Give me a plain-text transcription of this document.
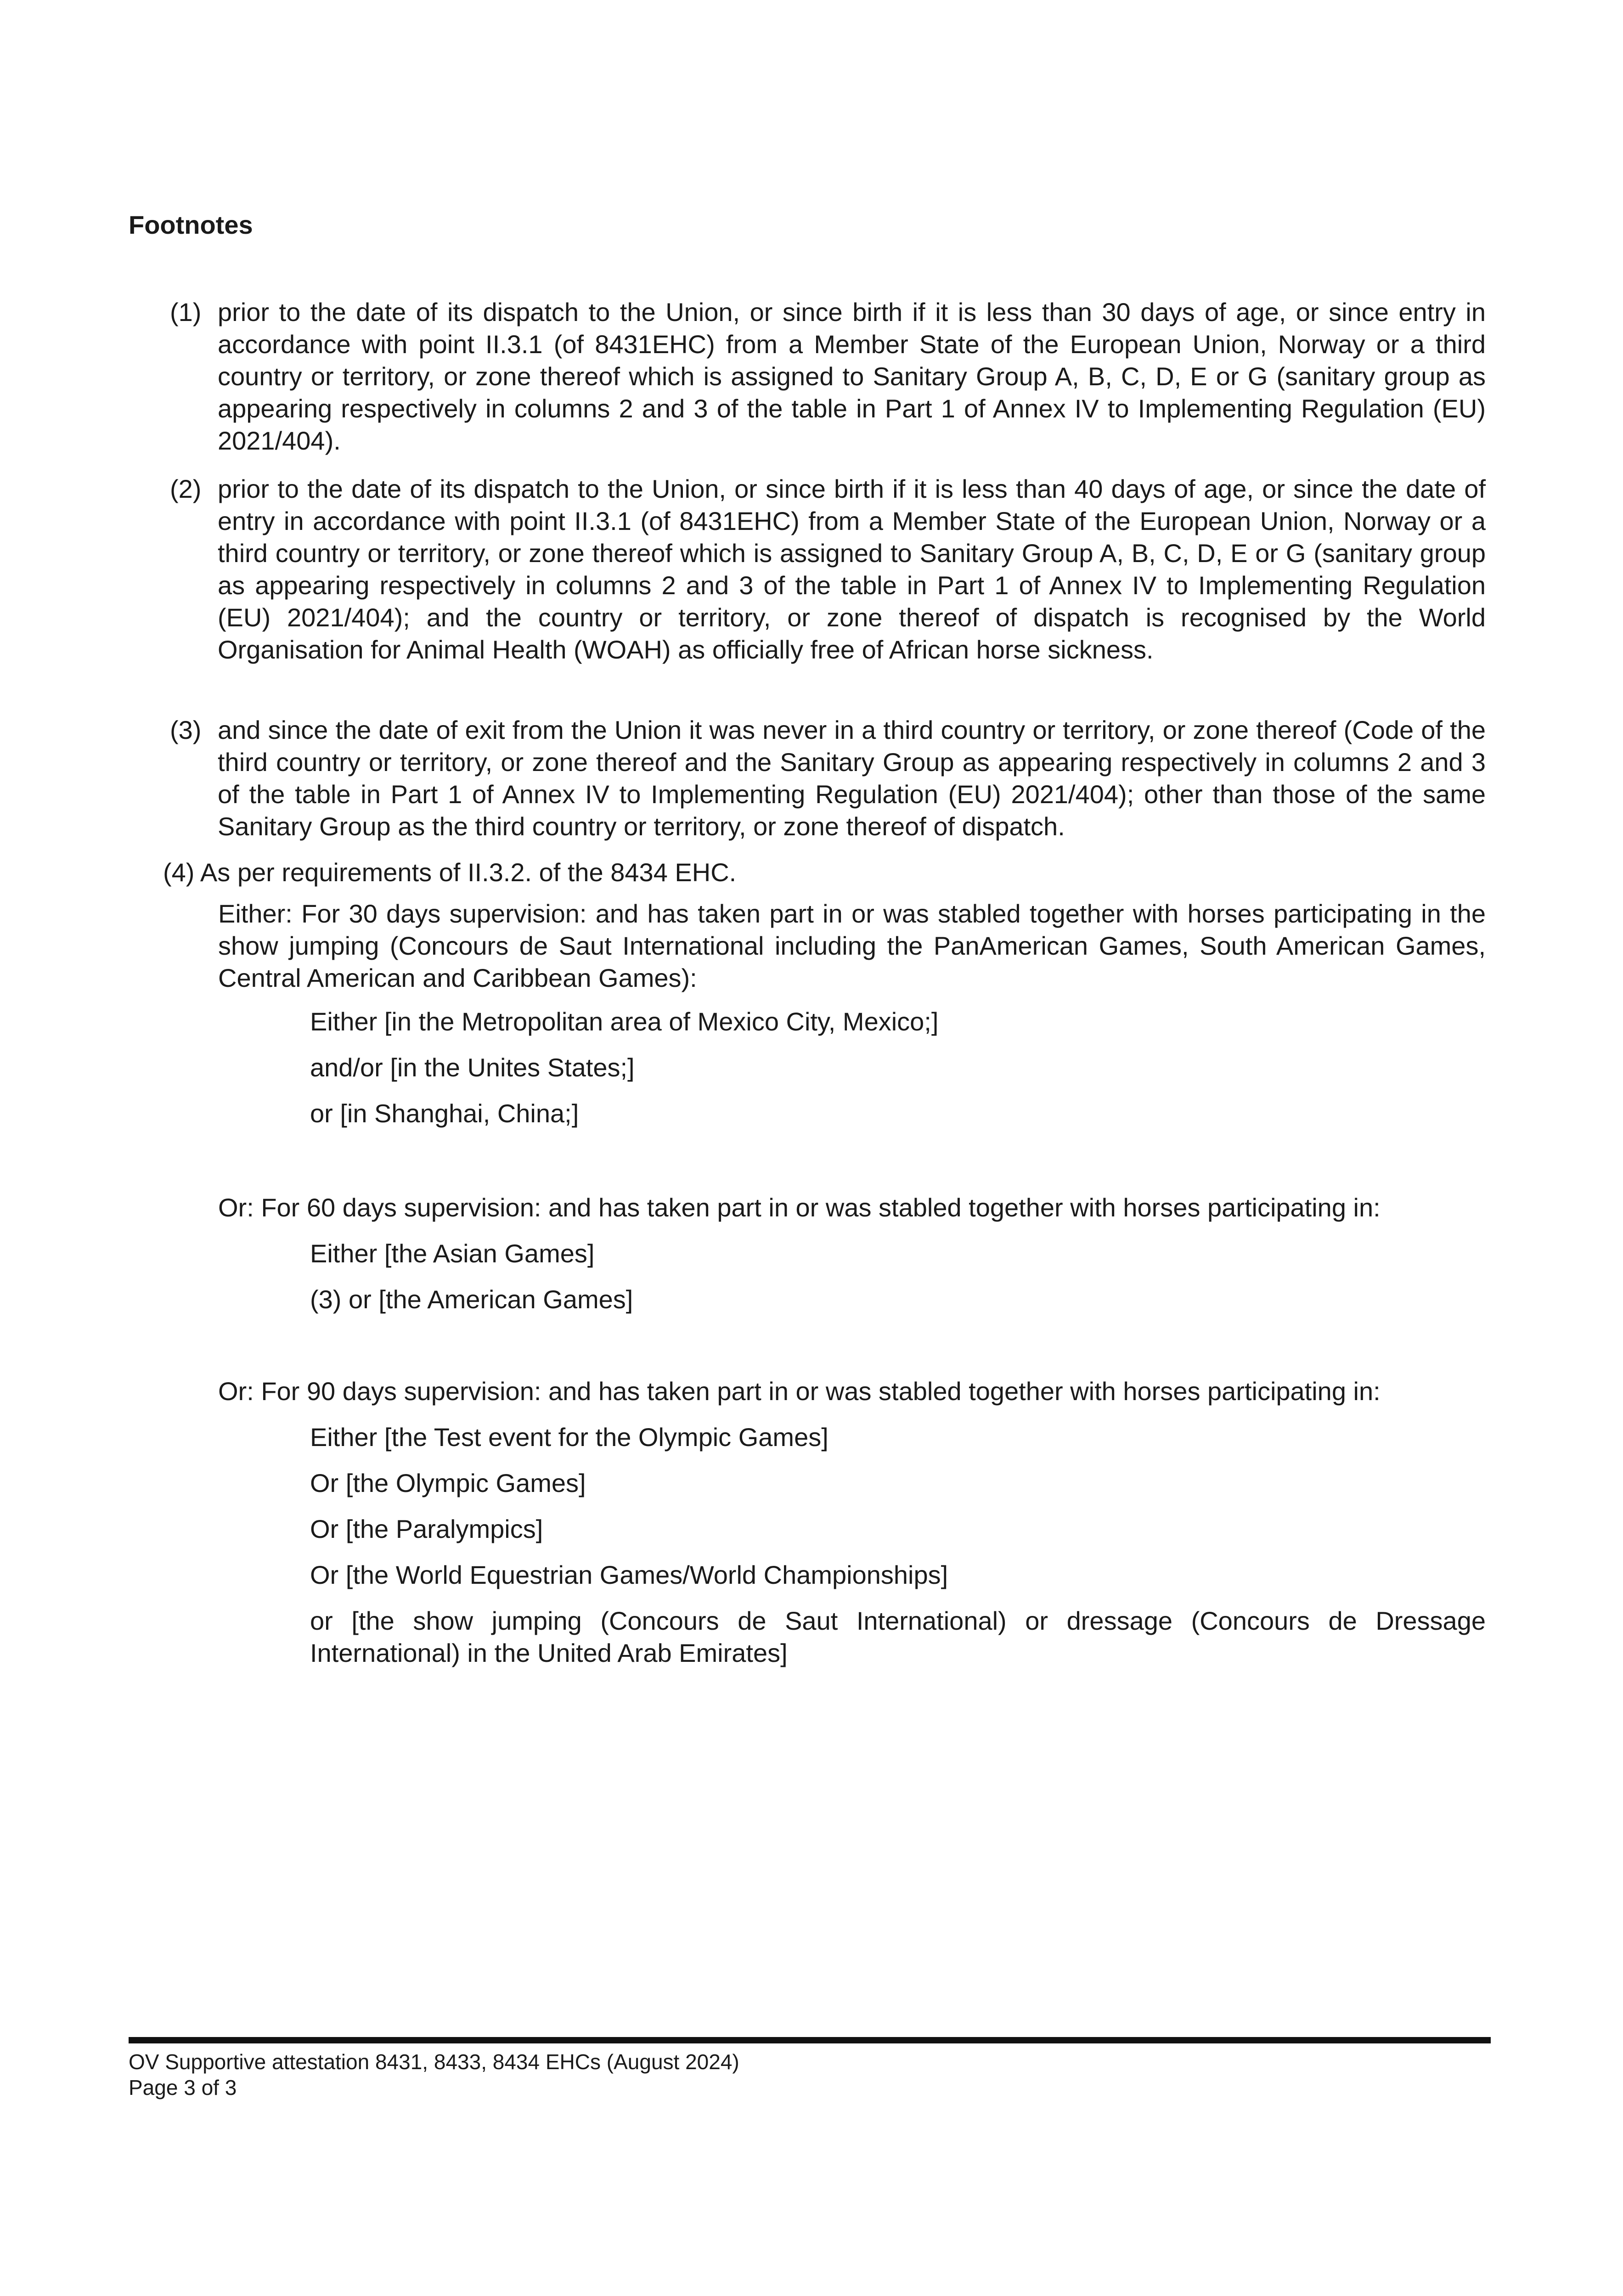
Footnotes
(1) prior to the date of its dispatch to the Union, or since birth if it is less than 30 days of age, or since entry in accordance with point II.3.1 (of 8431EHC) from a Member State of the European Union, Norway or a third country or territory, or zone thereof which is assigned to Sanitary Group A, B, C, D, E or G (sanitary group as appearing respectively in columns 2 and 3 of the table in Part 1 of Annex IV to Implementing Regulation (EU) 2021/404).
(2) prior to the date of its dispatch to the Union, or since birth if it is less than 40 days of age, or since the date of entry in accordance with point II.3.1 (of 8431EHC) from a Member State of the European Union, Norway or a third country or territory, or zone thereof which is assigned to Sanitary Group A, B, C, D, E or G (sanitary group as appearing respectively in columns 2 and 3 of the table in Part 1 of Annex IV to Implementing Regulation (EU) 2021/404); and the country or territory, or zone thereof of dispatch is recognised by the World Organisation for Animal Health (WOAH) as officially free of African horse sickness.
(3) and since the date of exit from the Union it was never in a third country or territory, or zone thereof (Code of the third country or territory, or zone thereof and the Sanitary Group as appearing respectively in columns 2 and 3 of the table in Part 1 of Annex IV to Implementing Regulation (EU) 2021/404); other than those of the same Sanitary Group as the third country or territory, or zone thereof of dispatch.
(4) As per requirements of II.3.2. of the 8434 EHC.
Either: For 30 days supervision: and has taken part in or was stabled together with horses participating in the show jumping (Concours de Saut International including the PanAmerican Games, South American Games, Central American and Caribbean Games):
Either [in the Metropolitan area of Mexico City, Mexico;]
and/or [in the Unites States;]
or [in Shanghai, China;]
Or: For 60 days supervision: and has taken part in or was stabled together with horses participating in:
Either [the Asian Games]
(3) or [the American Games]
Or: For 90 days supervision: and has taken part in or was stabled together with horses participating in:
Either [the Test event for the Olympic Games]
Or [the Olympic Games]
Or [the Paralympics]
Or [the World Equestrian Games/World Championships]
or [the show jumping (Concours de Saut International) or dressage (Concours de Dressage International) in the United Arab Emirates]
OV Supportive attestation 8431, 8433, 8434 EHCs (August 2024)
Page 3 of 3
